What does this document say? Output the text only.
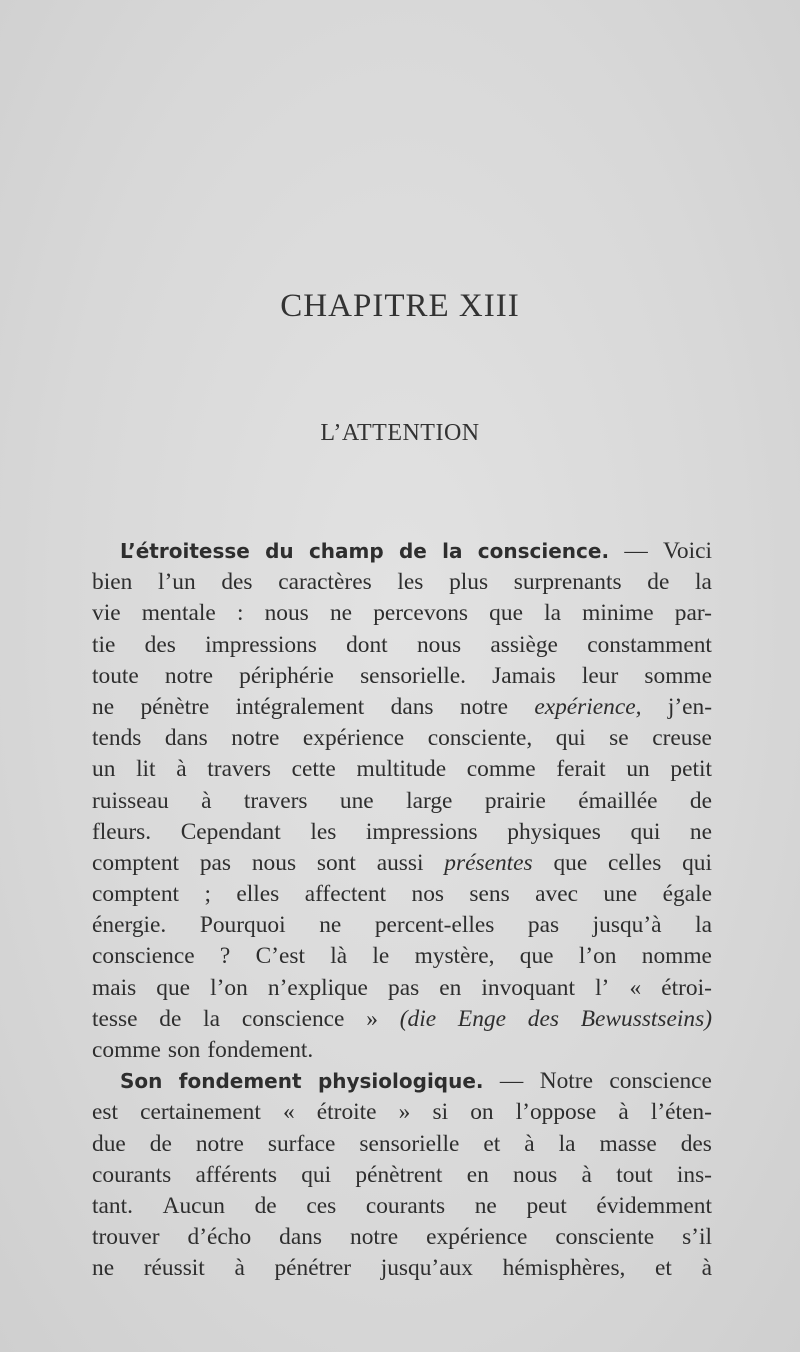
CHAPITRE XIII
L’ATTENTION
L’étroitesse du champ de la conscience. — Voici
bien l’un des caractères les plus surprenants de la
vie mentale : nous ne percevons que la minime par-
tie des impressions dont nous assiège constamment
toute notre périphérie sensorielle. Jamais leur somme
ne pénètre intégralement dans notre expérience, j’en-
tends dans notre expérience consciente, qui se creuse
un lit à travers cette multitude comme ferait un petit
ruisseau à travers une large prairie émaillée de
fleurs. Cependant les impressions physiques qui ne
comptent pas nous sont aussi présentes que celles qui
comptent ; elles affectent nos sens avec une égale
énergie. Pourquoi ne percent-elles pas jusqu’à la
conscience ? C’est là le mystère, que l’on nomme
mais que l’on n’explique pas en invoquant l’ « étroi-
tesse de la conscience » (die Enge des Bewusstseins)
comme son fondement.
Son fondement physiologique. — Notre conscience
est certainement « étroite » si on l’oppose à l’éten-
due de notre surface sensorielle et à la masse des
courants afférents qui pénètrent en nous à tout ins-
tant. Aucun de ces courants ne peut évidemment
trouver d’écho dans notre expérience consciente s’il
ne réussit à pénétrer jusqu’aux hémisphères, et à
